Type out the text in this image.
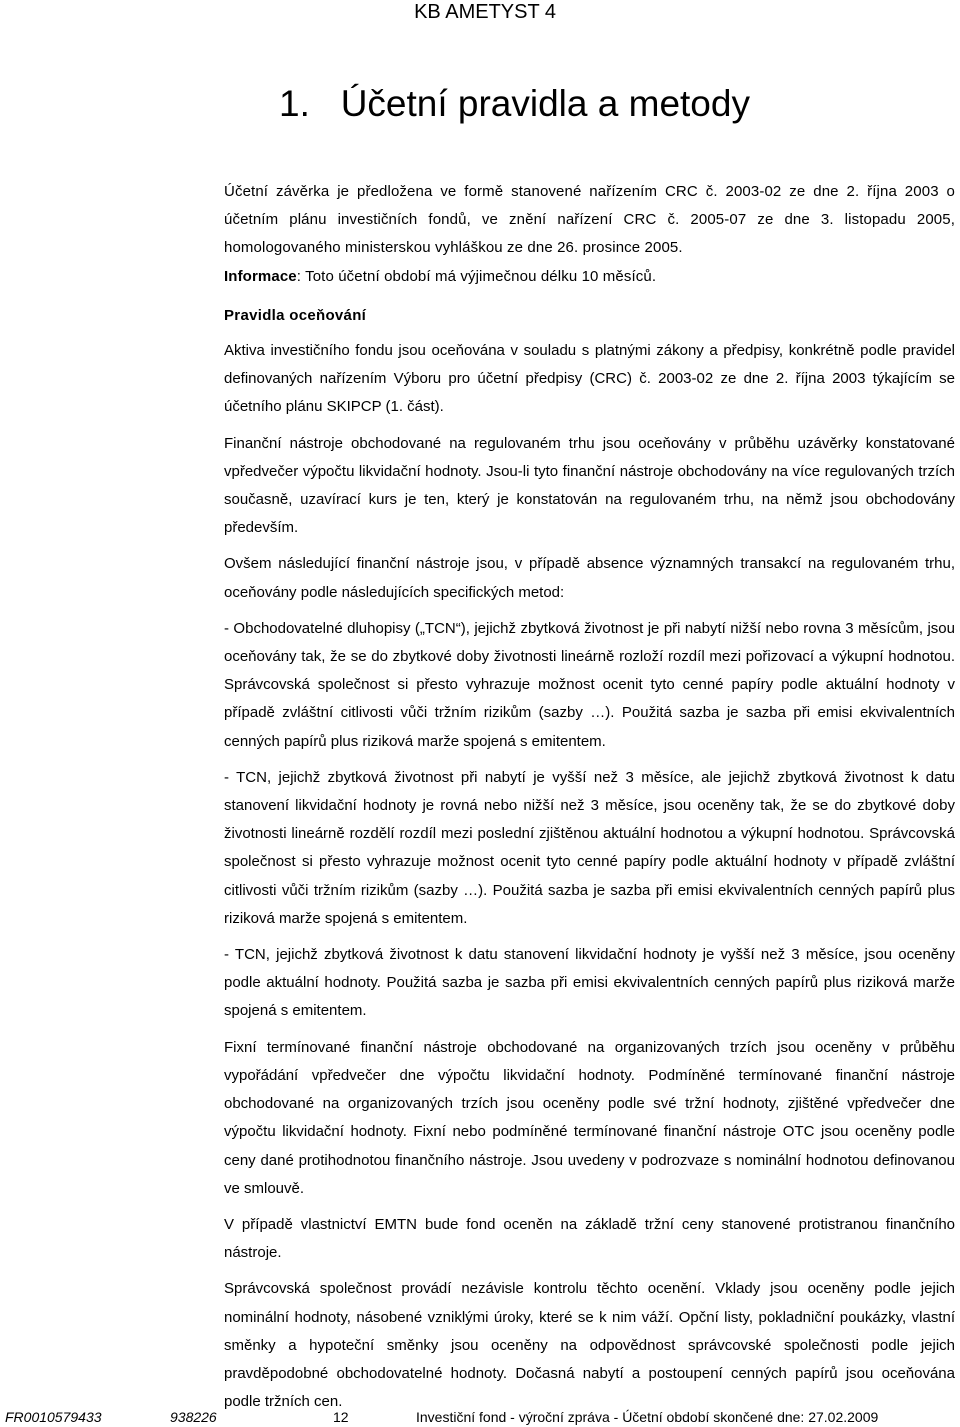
KB AMETYST 4
1.   Účetní pravidla a metody

Účetní závěrka je předložena ve formě stanovené nařízením CRC č. 2003-02 ze dne 2. října 2003 o účetním plánu investičních fondů, ve znění nařízení CRC č. 2005-07 ze dne 3. listopadu 2005, homologovaného ministerskou vyhláškou ze dne 26. prosince 2005.
Informace: Toto účetní období má výjimečnou délku 10 měsíců.

Pravidla oceňování

Aktiva investičního fondu jsou oceňována v souladu s platnými zákony a předpisy, konkrétně podle pravidel definovaných nařízením Výboru pro účetní předpisy (CRC) č. 2003-02 ze dne 2. října 2003 týkajícím se účetního plánu SKIPCP (1. část).

Finanční nástroje obchodované na regulovaném trhu jsou oceňovány v průběhu uzávěrky konstatované vpředvečer výpočtu likvidační hodnoty. Jsou-li tyto finanční nástroje obchodovány na více regulovaných trzích současně, uzavírací kurs je ten, který je konstatován na regulovaném trhu, na němž jsou obchodovány především.

Ovšem následující finanční nástroje jsou, v případě absence významných transakcí na regulovaném trhu, oceňovány podle následujících specifických metod:

- Obchodovatelné dluhopisy („TCN“), jejichž zbytková životnost je při nabytí nižší nebo rovna 3 měsícům, jsou oceňovány tak, že se do zbytkové doby životnosti lineárně rozloží rozdíl mezi pořizovací a výkupní hodnotou. Správcovská společnost si přesto vyhrazuje možnost ocenit tyto cenné papíry podle aktuální hodnoty v případě zvláštní citlivosti vůči tržním rizikům (sazby …). Použitá sazba je sazba při emisi ekvivalentních cenných papírů plus riziková marže spojená s emitentem.

- TCN, jejichž zbytková životnost při nabytí je vyšší než 3 měsíce, ale jejichž zbytková životnost k datu stanovení likvidační hodnoty je rovná nebo nižší než 3 měsíce, jsou oceněny tak, že se do zbytkové doby životnosti lineárně rozdělí rozdíl mezi poslední zjištěnou aktuální hodnotou a výkupní hodnotou. Správcovská společnost si přesto vyhrazuje možnost ocenit tyto cenné papíry podle aktuální hodnoty v případě zvláštní citlivosti vůči tržním rizikům (sazby …). Použitá sazba je sazba při emisi ekvivalentních cenných papírů plus riziková marže spojená s emitentem.

- TCN, jejichž zbytková životnost k datu stanovení likvidační hodnoty je vyšší než 3 měsíce, jsou oceněny podle aktuální hodnoty. Použitá sazba je sazba při emisi ekvivalentních cenných papírů plus riziková marže spojená s emitentem.

Fixní termínované finanční nástroje obchodované na organizovaných trzích jsou oceněny v průběhu vypořádání vpředvečer dne výpočtu likvidační hodnoty. Podmíněné termínované finanční nástroje obchodované na organizovaných trzích jsou oceněny podle své tržní hodnoty, zjištěné vpředvečer dne výpočtu likvidační hodnoty. Fixní nebo podmíněné termínované finanční nástroje OTC jsou oceněny podle ceny dané protihodnotou finančního nástroje. Jsou uvedeny v podrozvaze s nominální hodnotou definovanou ve smlouvě.

V případě vlastnictví EMTN bude fond oceněn na základě tržní ceny stanovené protistranou finančního nástroje.

Správcovská společnost provádí nezávisle kontrolu těchto ocenění. Vklady jsou oceněny podle jejich nominální hodnoty, násobené vzniklými úroky, které se k nim váží. Opční listy, pokladniční poukázky, vlastní směnky a hypoteční směnky jsou oceněny na odpovědnost správcovské společnosti podle jejich pravděpodobné obchodovatelné hodnoty. Dočasná nabytí a postoupení cenných papírů jsou oceňována podle tržních cen.

FR0010579433	938226	12	Investiční fond - výroční zpráva - Účetní období skončené dne: 27.02.2009
